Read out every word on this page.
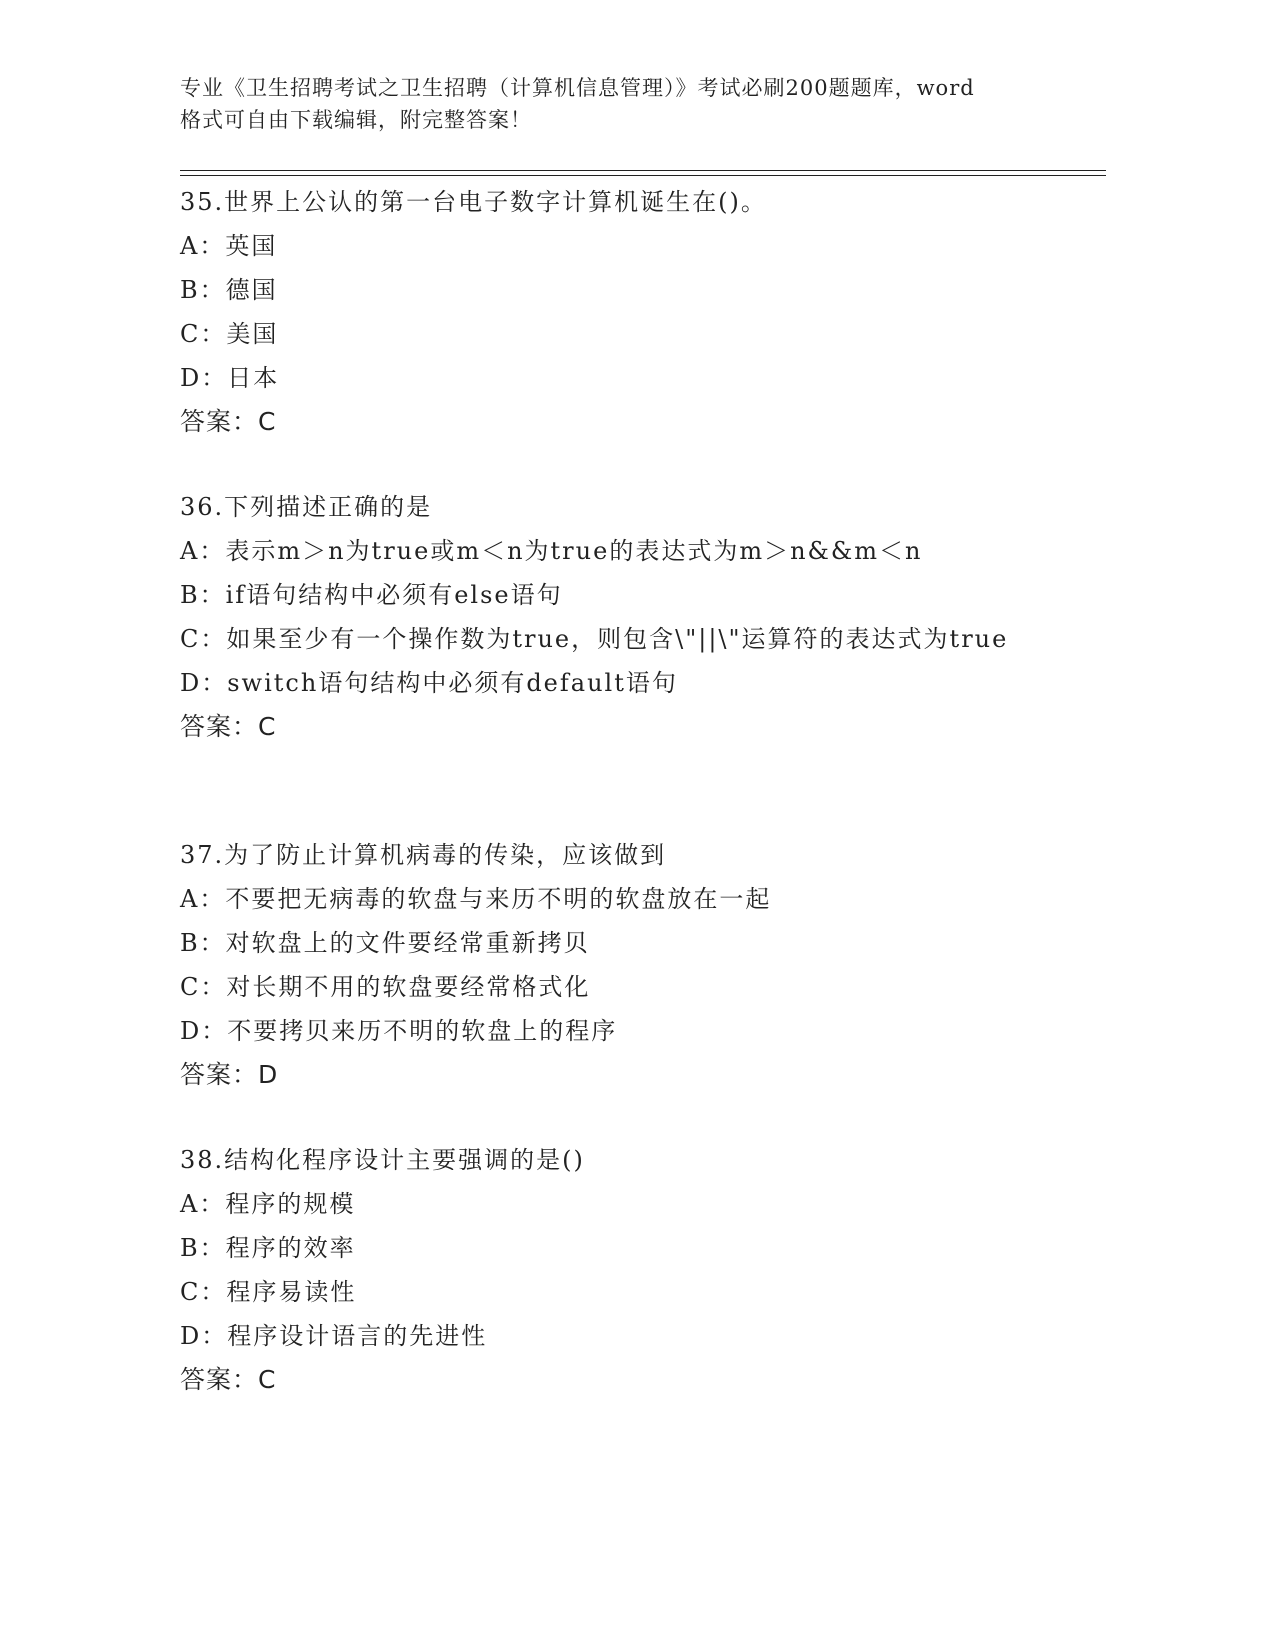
专业《卫生招聘考试之卫生招聘（计算机信息管理）》考试必刷200题题库，word
格式可自由下载编辑，附完整答案！
35.世界上公认的第一台电子数字计算机诞生在()。
A：英国
B：德国
C：美国
D：日本
答案：C
36.下列描述正确的是
A：表示m＞n为true或m＜n为true的表达式为m＞n&&m＜n
B：if语句结构中必须有else语句
C：如果至少有一个操作数为true，则包含\"||\"运算符的表达式为true
D：switch语句结构中必须有default语句
答案：C
37.为了防止计算机病毒的传染，应该做到
A：不要把无病毒的软盘与来历不明的软盘放在一起
B：对软盘上的文件要经常重新拷贝
C：对长期不用的软盘要经常格式化
D：不要拷贝来历不明的软盘上的程序
答案：D
38.结构化程序设计主要强调的是()
A：程序的规模
B：程序的效率
C：程序易读性
D：程序设计语言的先进性
答案：C
